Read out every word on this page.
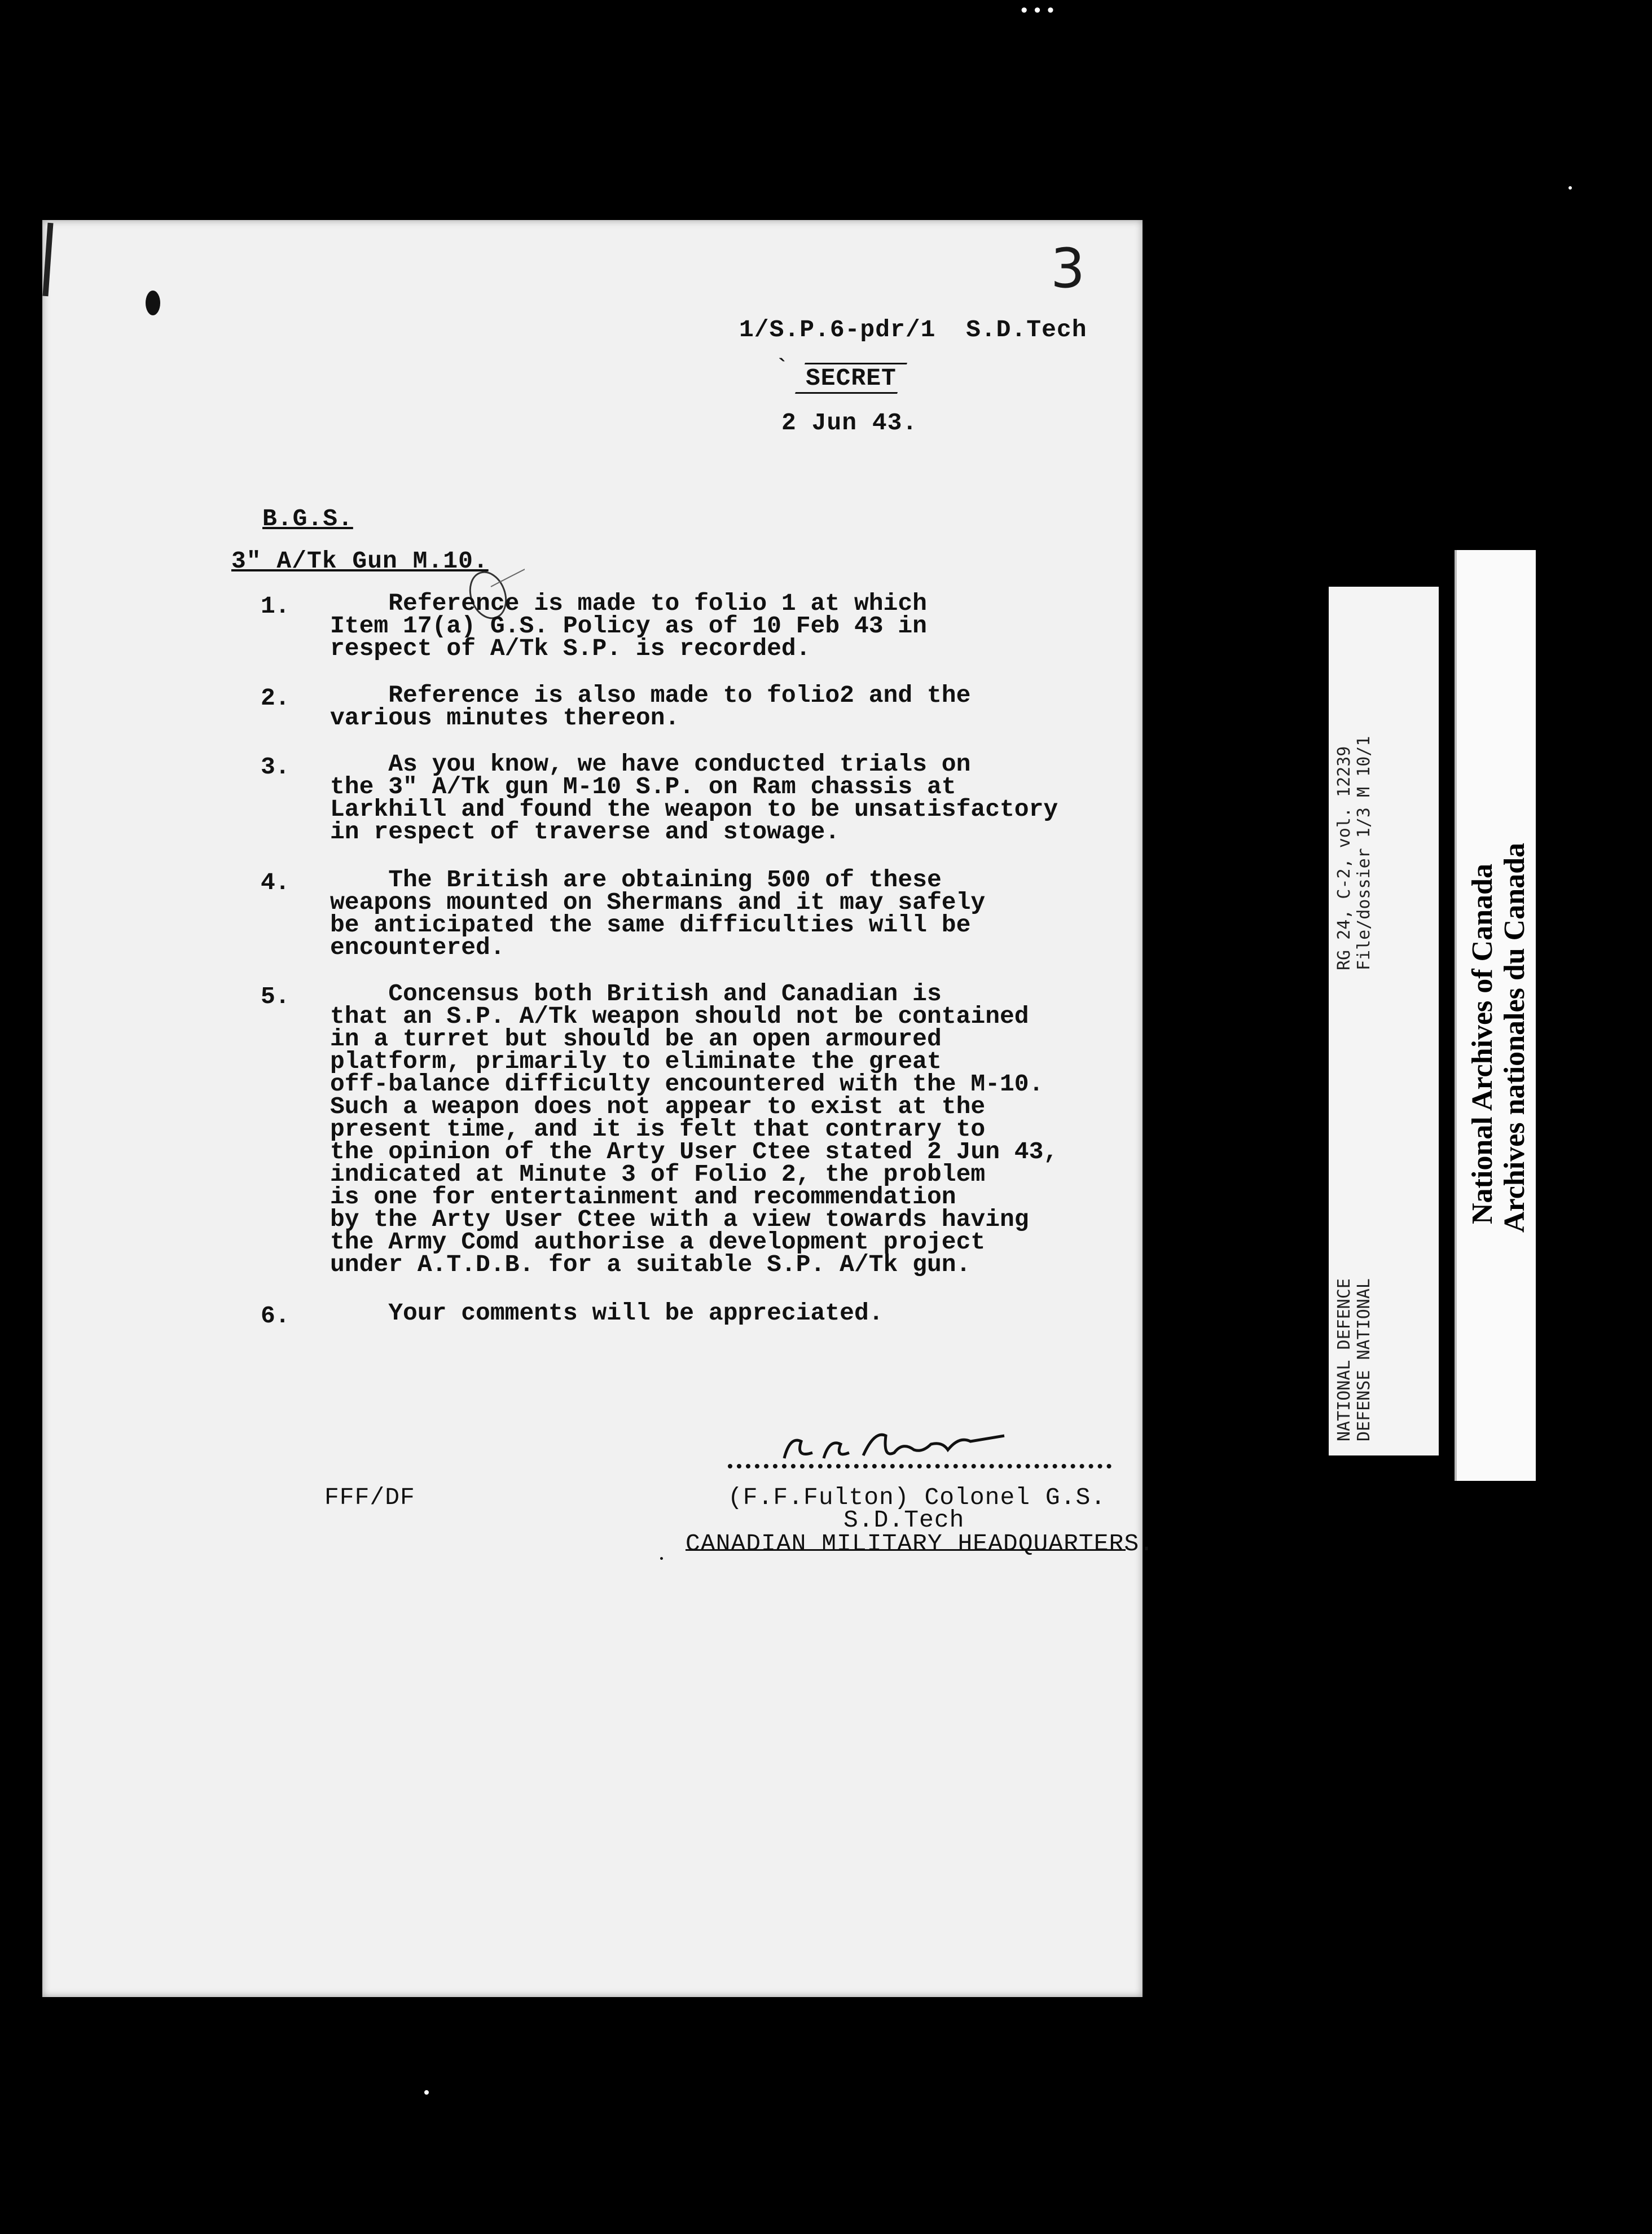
•••
3
1/S.P.6-pdr/1  S.D.Tech
` SECRET
2 Jun 43.
B.G.S.
3" A/Tk Gun M.10.
1.	Reference is made to folio 1 at which
Item 17(a) G.S. Policy as of 10 Feb 43 in
respect of A/Tk S.P. is recorded.
2.	Reference is also made to folio2 and the
various minutes thereon.
3.	As you know, we have conducted trials on
the 3" A/Tk gun M-10 S.P. on Ram chassis at
Larkhill and found the weapon to be unsatisfactory
in respect of traverse and stowage.
4.	The British are obtaining 500 of these
weapons mounted on Shermans and it may safely
be anticipated the same difficulties will be
encountered.
5.	Concensus both British and Canadian is
that an S.P. A/Tk weapon should not be contained
in a turret but should be an open armoured
platform, primarily to eliminate the great
off-balance difficulty encountered with the M-10.
Such a weapon does not appear to exist at the
present time, and it is felt that contrary to
the opinion of the Arty User Ctee stated 2 Jun 43,
indicated at Minute 3 of Folio 2, the problem
is one for entertainment and recommendation
by the Arty User Ctee with a view towards having
the Army Comd authorise a development project
under A.T.D.B. for a suitable S.P. A/Tk gun.
6. Your comments will be appreciated.
FFF/DF	(F.F.Fulton) Colonel G.S.
S.D.Tech
CANADIAN MILITARY HEADQUARTERS.
RG 24, C-2, vol. 12239 File/dossier 1/3 M 10/1
NATIONAL DEFENCE DEFENSE NATIONAL
National Archives of Canada Archives nationales du Canada
